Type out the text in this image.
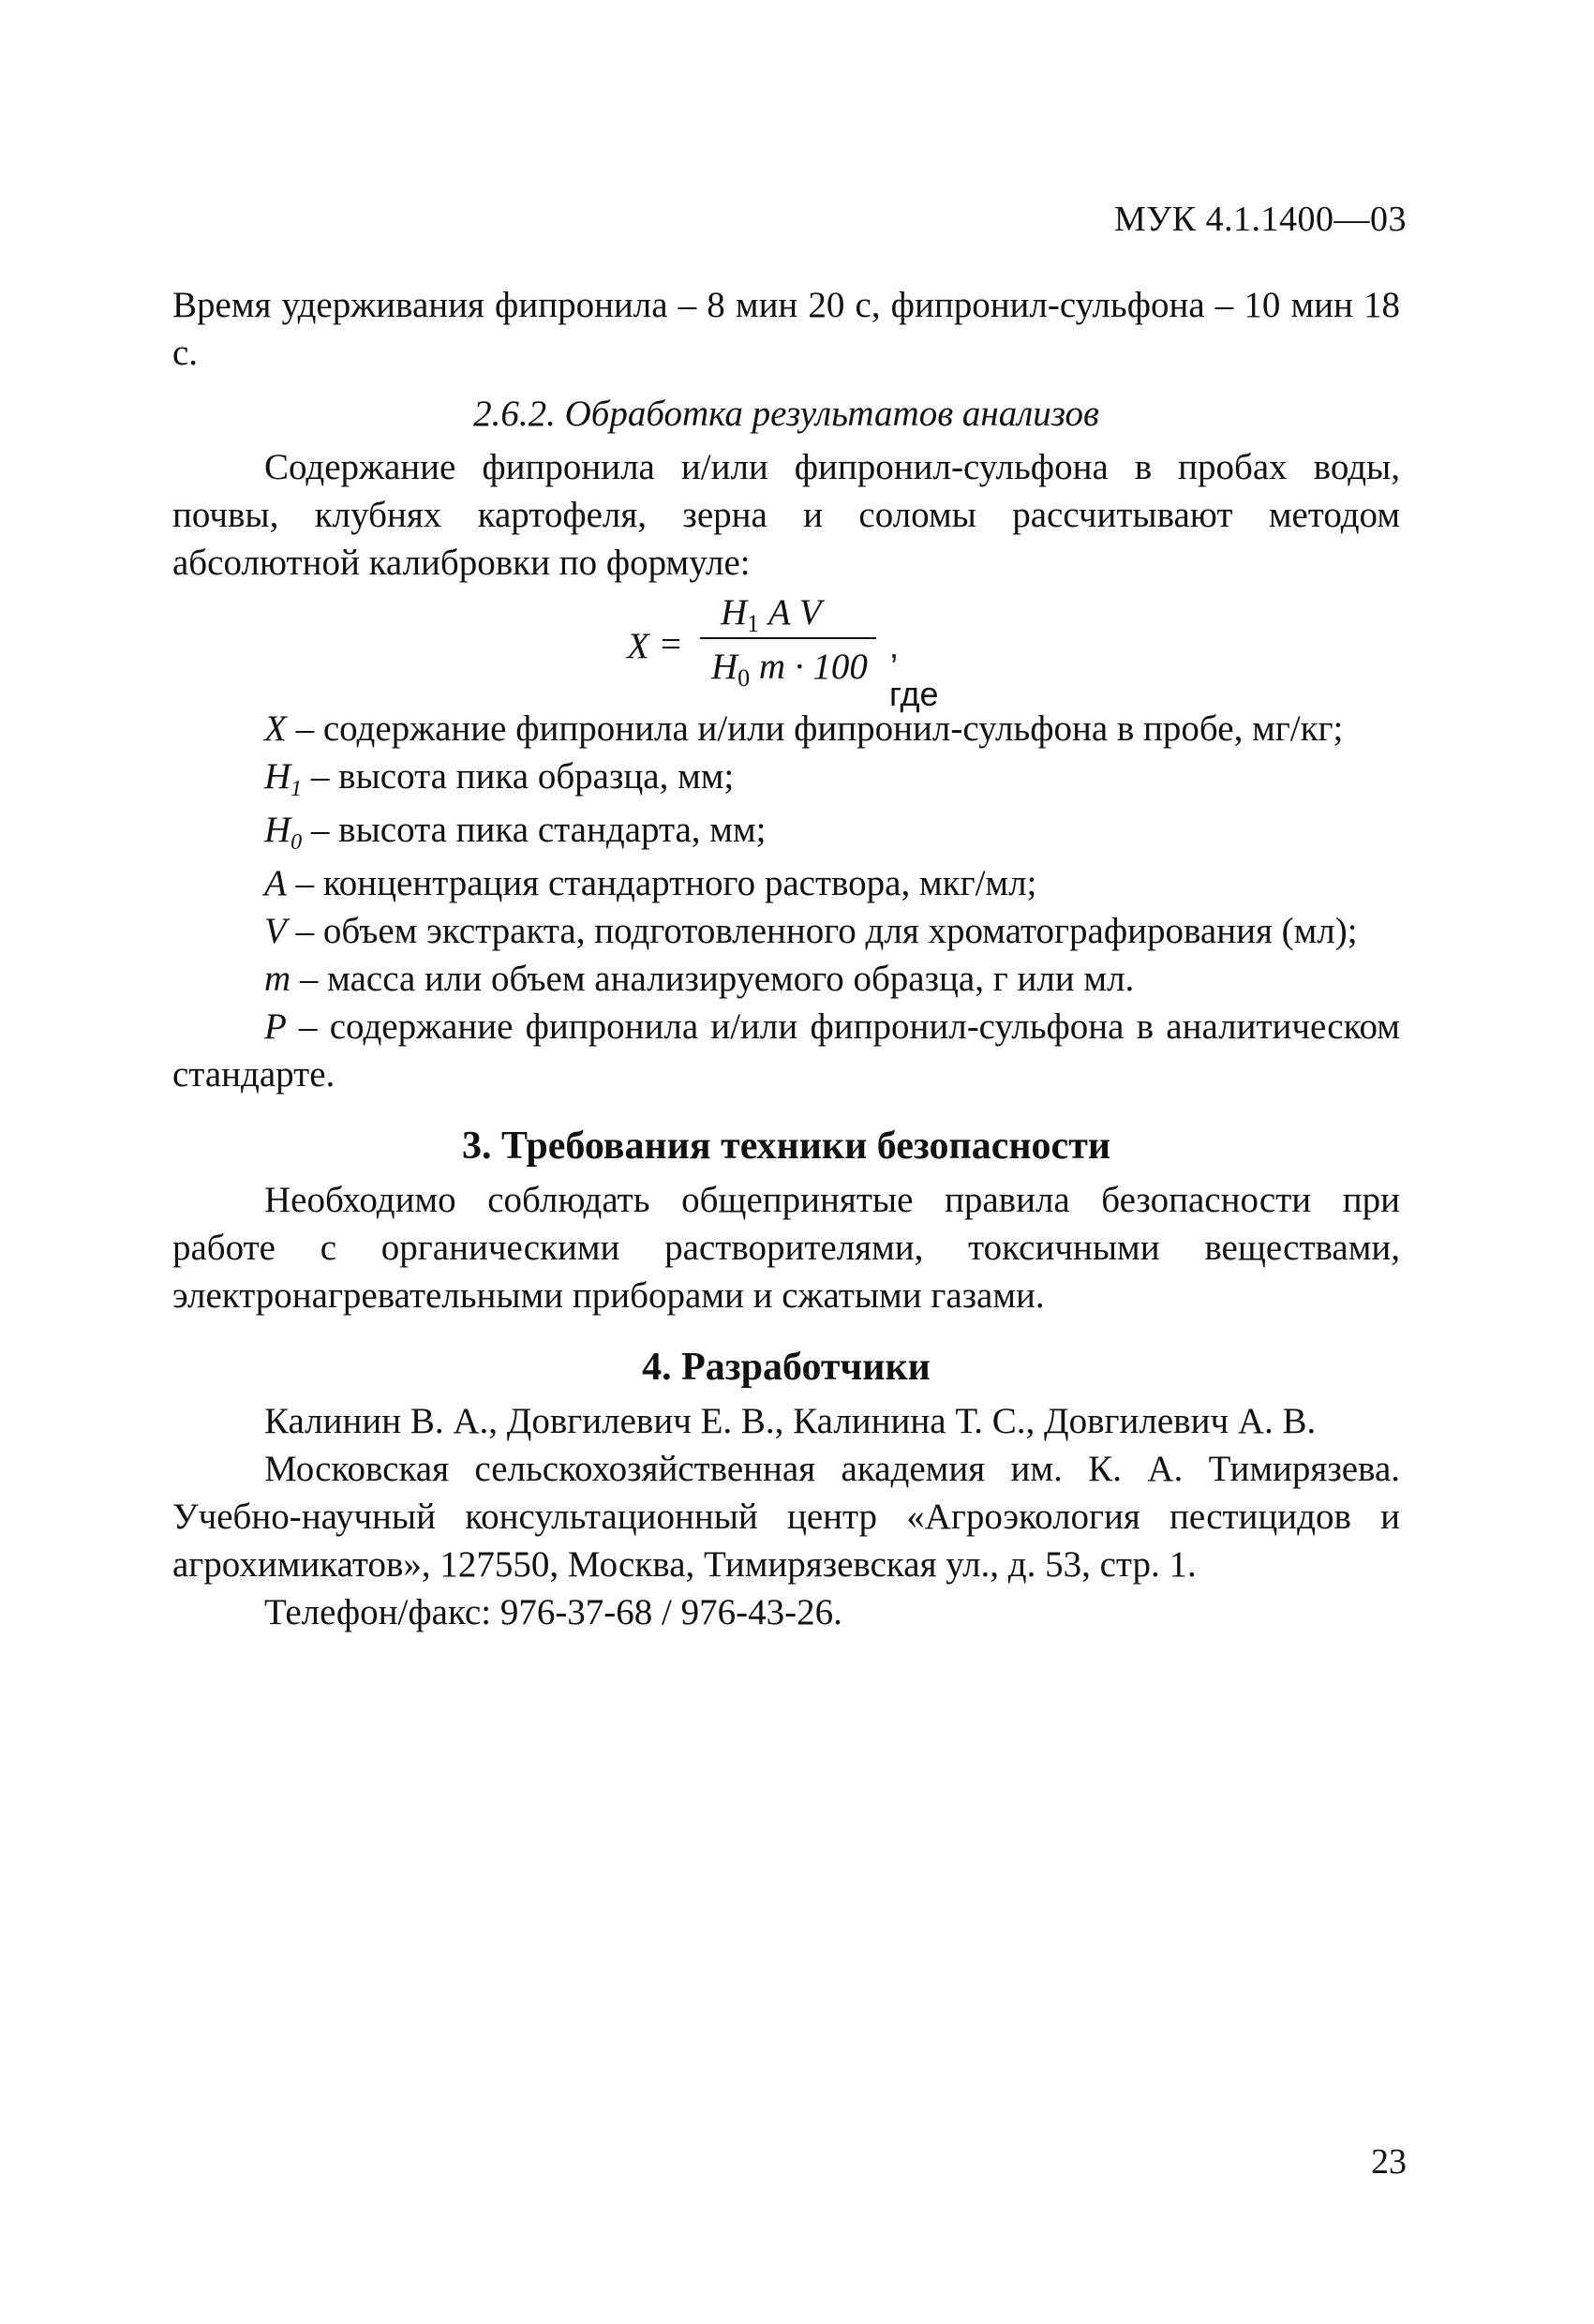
МУК 4.1.1400—03

Время удерживания фипронила – 8 мин 20 с, фипронил-сульфона – 10 мин 18 с.

2.6.2. Обработка результатов анализов

Содержание фипронила и/или фипронил-сульфона в пробах воды, почвы, клубнях картофеля, зерна и соломы рассчитывают методом абсолютной калибровки по формуле:

X =
$H_1$ A V
$H_0$ m · 100
, где

X – содержание фипронила и/или фипронил-сульфона в пробе, мг/кг;

$H_1$ – высота пика образца, мм;

$H_0$ – высота пика стандарта, мм;

A – концентрация стандартного раствора, мкг/мл;

V – объем экстракта, подготовленного для хроматографирования (мл);

m – масса или объем анализируемого образца, г или мл.

P – содержание фипронила и/или фипронил-сульфона в аналитическом стандарте.

3. Требования техники безопасности

Необходимо соблюдать общепринятые правила безопасности при работе с органическими растворителями, токсичными веществами, электронагревательными приборами и сжатыми газами.

4. Разработчики

Калинин В. А., Довгилевич Е. В., Калинина Т. С., Довгилевич А. В.

Московская сельскохозяйственная академия им. К. А. Тимирязева. Учебно-научный консультационный центр «Агроэкология пестицидов и агрохимикатов», 127550, Москва, Тимирязевская ул., д. 53, стр. 1.

Телефон/факс: 976-37-68 / 976-43-26.

23
